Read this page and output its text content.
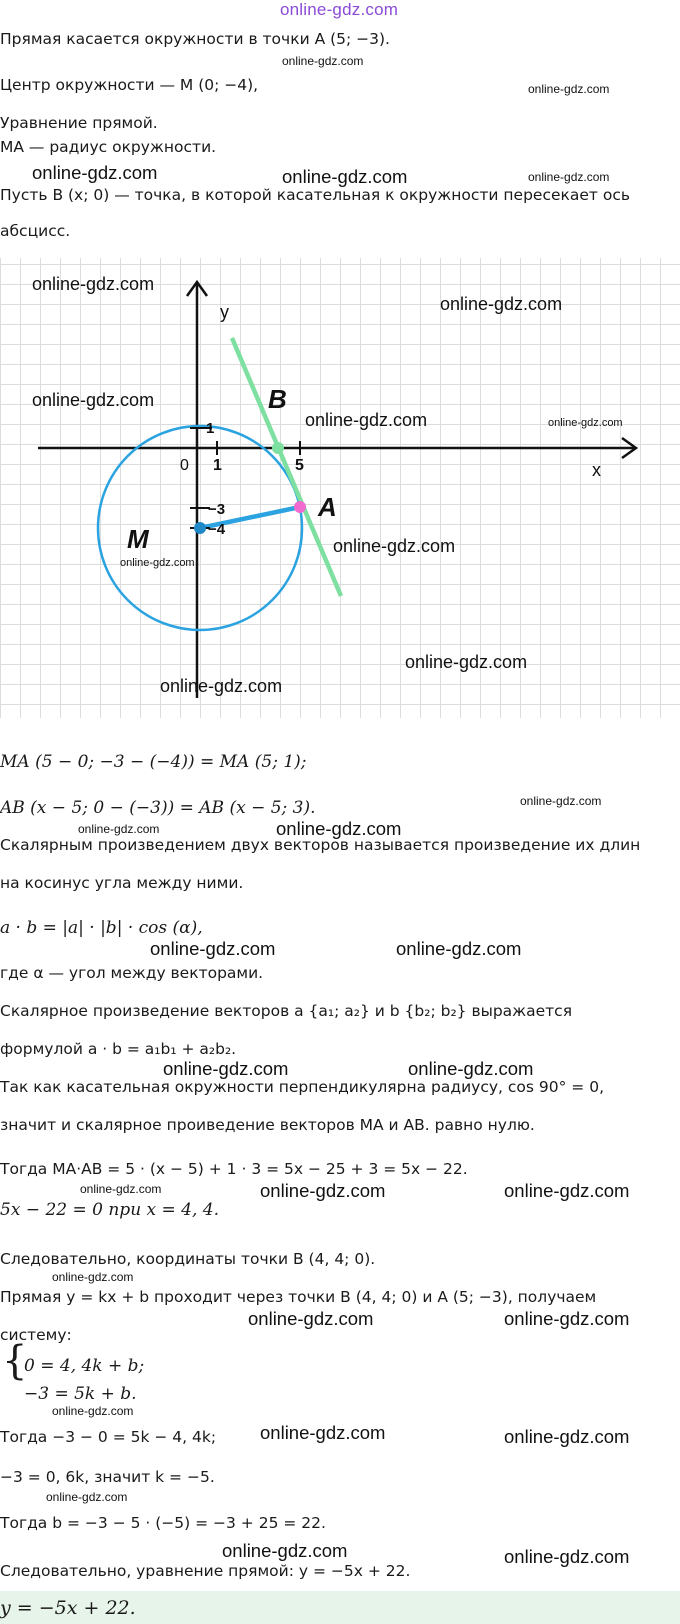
online-gdz.com
Прямая касается окружности в точки A (5; −3).
online-gdz.com
Центр окружности — M (0; −4),	online-gdz.com
Уравнение прямой.
MA — радиус окружности.
online-gdz.com	online-gdz.com	online-gdz.com
Пусть B (x; 0) — точка, в которой касательная к окружности пересекает ось
абсцисс.
x
y
0 1	5
1
−3
−4
B
A
M
online-gdz.com
online-gdz.com
online-gdz.com
online-gdz.com	online-gdz.com
online-gdz.com
online-gdz.com
online-gdz.com
online-gdz.com
MA (5 − 0; −3 − (−4)) = MA (5; 1);
AB (x − 5; 0 − (−3)) = AB (x − 5; 3).	online-gdz.com
online-gdz.com	online-gdz.com
Скалярным произведением двух векторов называется произведение их длин
на косинус угла между ними.
a · b = |a| · |b| · cos (α),
online-gdz.com	online-gdz.com
где α — угол между векторами.
Скалярное произведение векторов a {a₁; a₂} и b {b₂; b₂} выражается
формулой a · b = a₁b₁ + a₂b₂.
online-gdz.com	online-gdz.com
Так как касательная окружности перпендикулярна радиусу, cos 90° = 0,
значит и скалярное проиведение векторов MA и AB. равно нулю.
Тогда MA·AB = 5 · (x − 5) + 1 · 3 = 5x − 25 + 3 = 5x − 22.
online-gdz.com	online-gdz.com	online-gdz.com
5x − 22 = 0 при x = 4, 4.
Следовательно, координаты точки B (4, 4; 0).
online-gdz.com
Прямая y = kx + b проходит через точки B (4, 4; 0) и A (5; −3), получаем
online-gdz.com	online-gdz.com
систему:
{
0 = 4, 4k + b;
−3 = 5k + b.
online-gdz.com
Тогда −3 − 0 = 5k − 4, 4k; online-gdz.com	online-gdz.com
−3 = 0, 6k, значит k = −5.
online-gdz.com
Тогда b = −3 − 5 · (−5) = −3 + 25 = 22.
online-gdz.com	online-gdz.com
Следовательно, уравнение прямой: y = −5x + 22.
y = −5x + 22.
